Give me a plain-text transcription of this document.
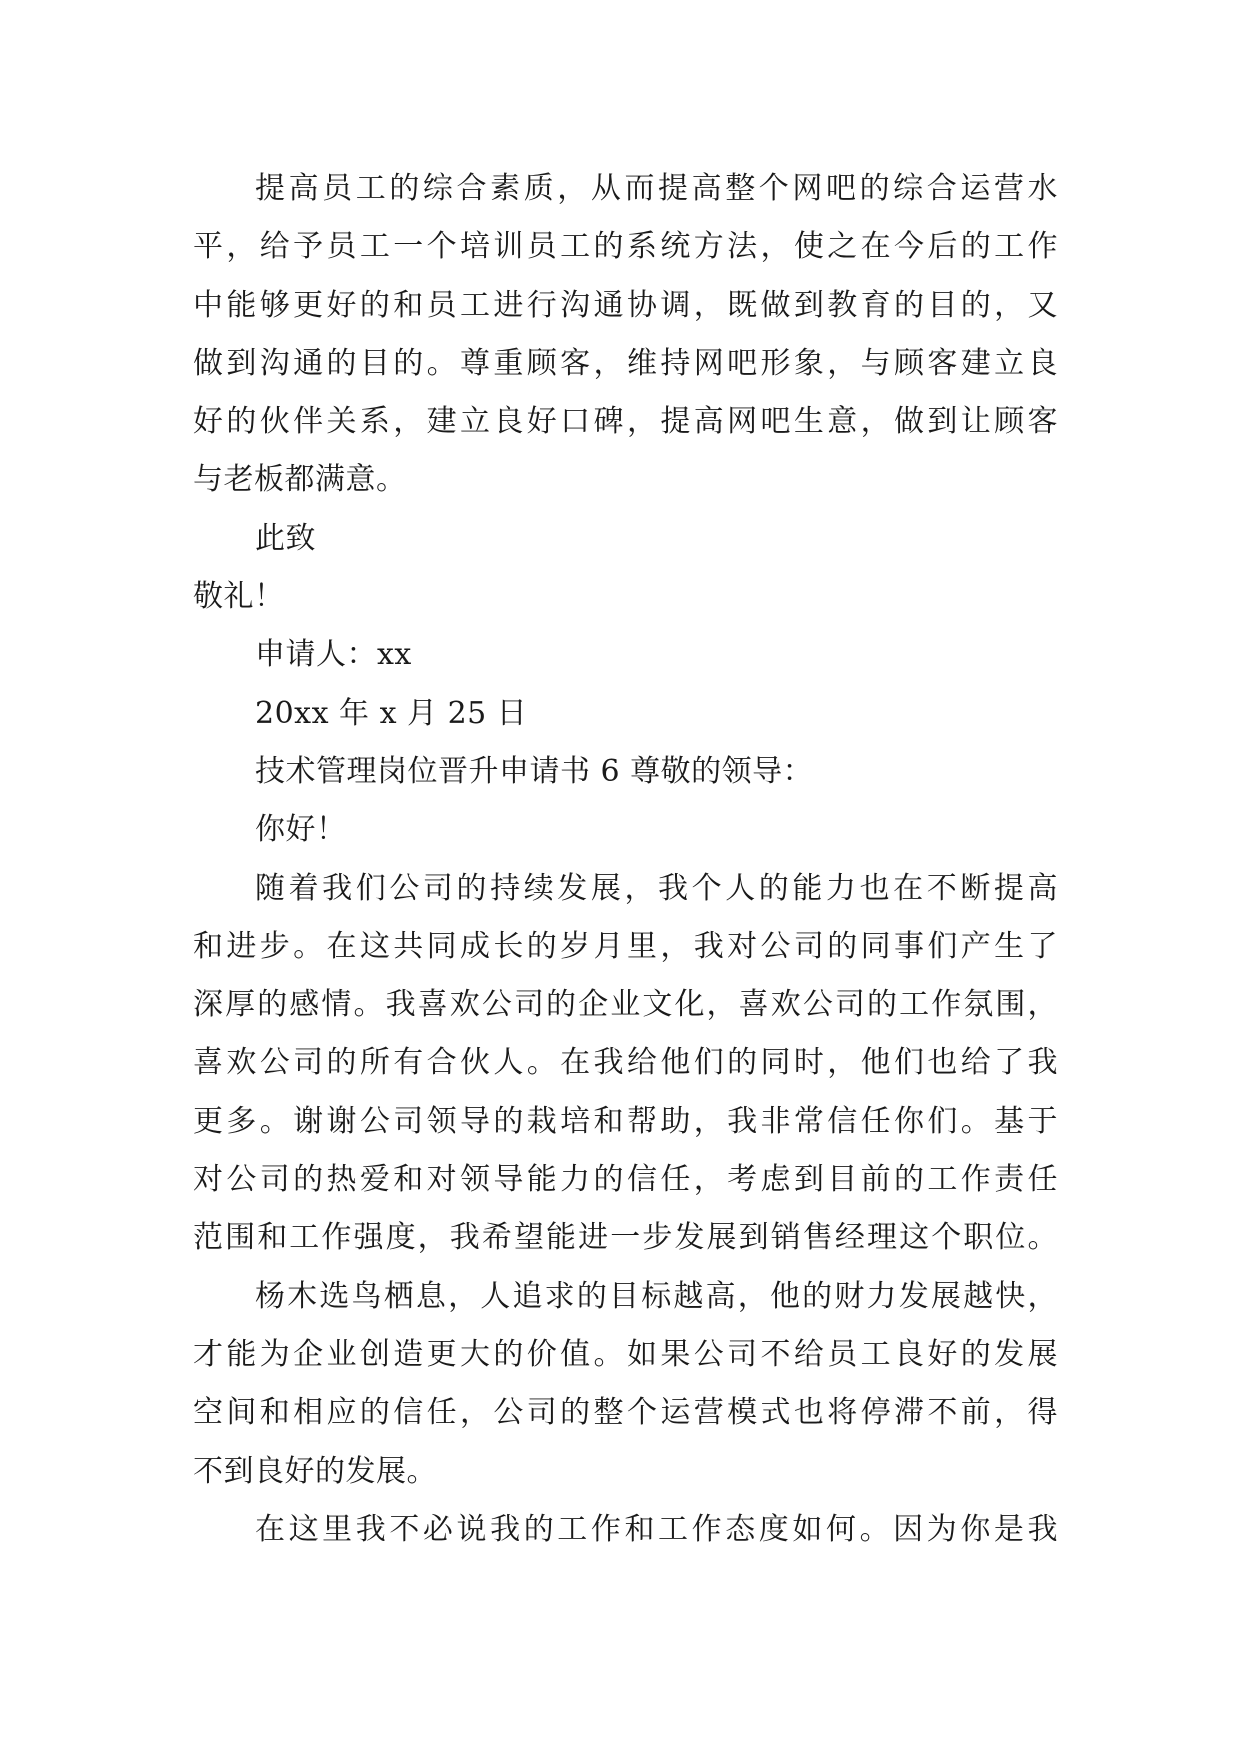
提高员工的综合素质，从而提高整个网吧的综合运营水
平，给予员工一个培训员工的系统方法，使之在今后的工作
中能够更好的和员工进行沟通协调，既做到教育的目的，又
做到沟通的目的。尊重顾客，维持网吧形象，与顾客建立良
好的伙伴关系，建立良好口碑，提高网吧生意，做到让顾客
与老板都满意。
此致
敬礼！
申请人：xx
20xx 年 x 月 25 日
技术管理岗位晋升申请书 6 尊敬的领导：
你好！
随着我们公司的持续发展，我个人的能力也在不断提高
和进步。在这共同成长的岁月里，我对公司的同事们产生了
深厚的感情。我喜欢公司的企业文化，喜欢公司的工作氛围，
喜欢公司的所有合伙人。在我给他们的同时，他们也给了我
更多。谢谢公司领导的栽培和帮助，我非常信任你们。基于
对公司的热爱和对领导能力的信任，考虑到目前的工作责任
范围和工作强度，我希望能进一步发展到销售经理这个职位。
杨木选鸟栖息，人追求的目标越高，他的财力发展越快，
才能为企业创造更大的价值。如果公司不给员工良好的发展
空间和相应的信任，公司的整个运营模式也将停滞不前，得
不到良好的发展。
在这里我不必说我的工作和工作态度如何。因为你是我
